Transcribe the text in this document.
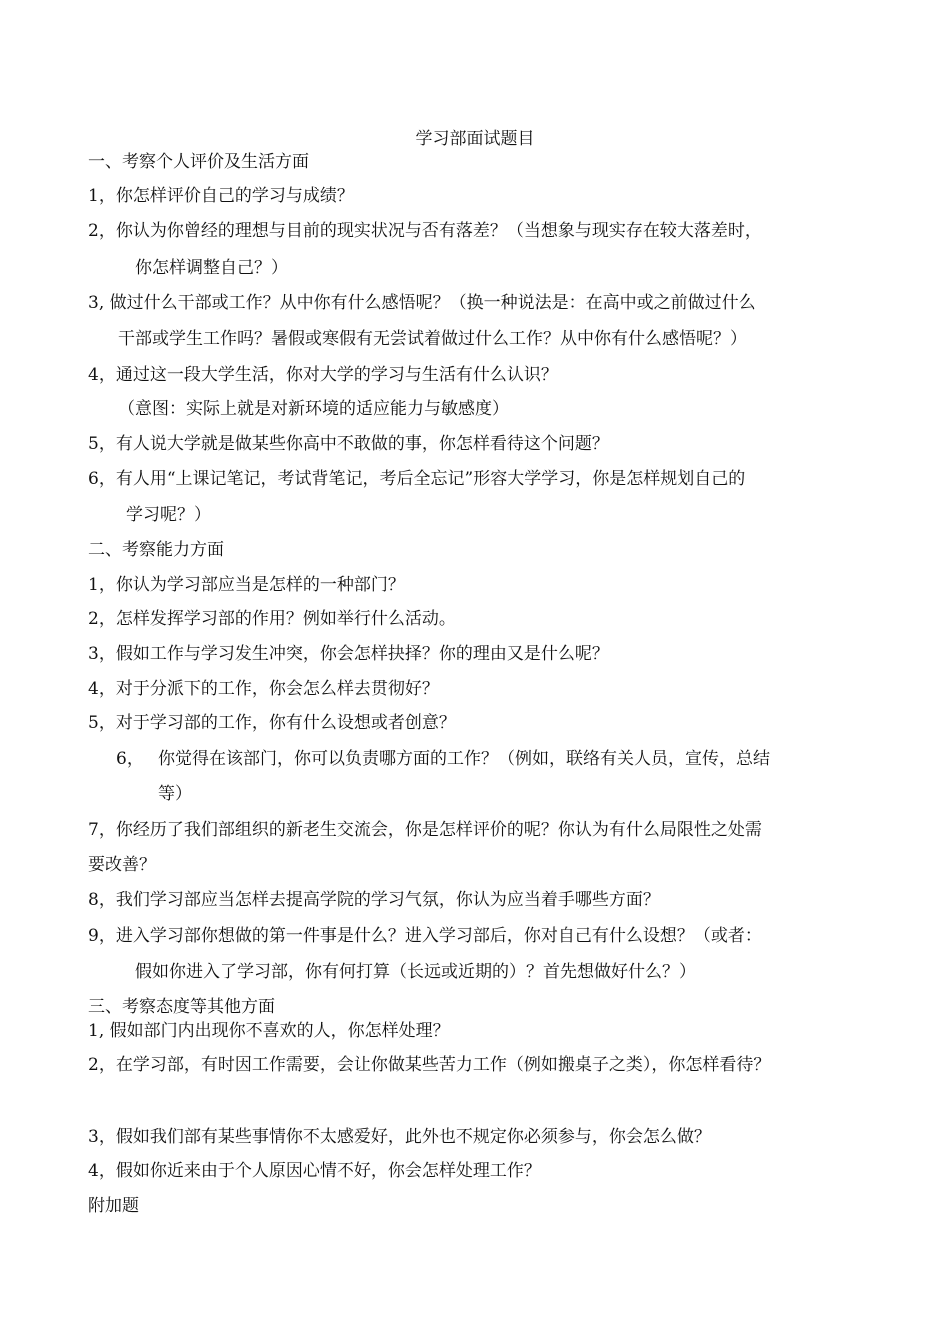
学习部面试题目
一、考察个人评价及生活方面
1，你怎样评价自己的学习与成绩？
2，你认为你曾经的理想与目前的现实状况与否有落差？（当想象与现实存在较大落差时，
你怎样调整自己？）
3, 做过什么干部或工作？从中你有什么感悟呢？（换一种说法是：在高中或之前做过什么
干部或学生工作吗？暑假或寒假有无尝试着做过什么工作？从中你有什么感悟呢？）
4，通过这一段大学生活，你对大学的学习与生活有什么认识？
（意图：实际上就是对新环境的适应能力与敏感度）
5，有人说大学就是做某些你高中不敢做的事，你怎样看待这个问题？
6，有人用“上课记笔记，考试背笔记，考后全忘记”形容大学学习，你是怎样规划自己的
学习呢？）
二、考察能力方面
1，你认为学习部应当是怎样的一种部门？
2，怎样发挥学习部的作用？例如举行什么活动。
3，假如工作与学习发生冲突，你会怎样抉择？你的理由又是什么呢？
4，对于分派下的工作，你会怎么样去贯彻好？
5，对于学习部的工作，你有什么设想或者创意？
6， 你觉得在该部门，你可以负责哪方面的工作？（例如，联络有关人员，宣传，总结
等）
7，你经历了我们部组织的新老生交流会，你是怎样评价的呢？你认为有什么局限性之处需
要改善？
8，我们学习部应当怎样去提高学院的学习气氛，你认为应当着手哪些方面？
9，进入学习部你想做的第一件事是什么？进入学习部后，你对自己有什么设想？（或者：
假如你进入了学习部，你有何打算（长远或近期的）？首先想做好什么？）
三、考察态度等其他方面
1, 假如部门内出现你不喜欢的人，你怎样处理？
2，在学习部，有时因工作需要，会让你做某些苦力工作（例如搬桌子之类），你怎样看待？
3，假如我们部有某些事情你不太感爱好，此外也不规定你必须参与，你会怎么做？
4，假如你近来由于个人原因心情不好，你会怎样处理工作？
附加题
